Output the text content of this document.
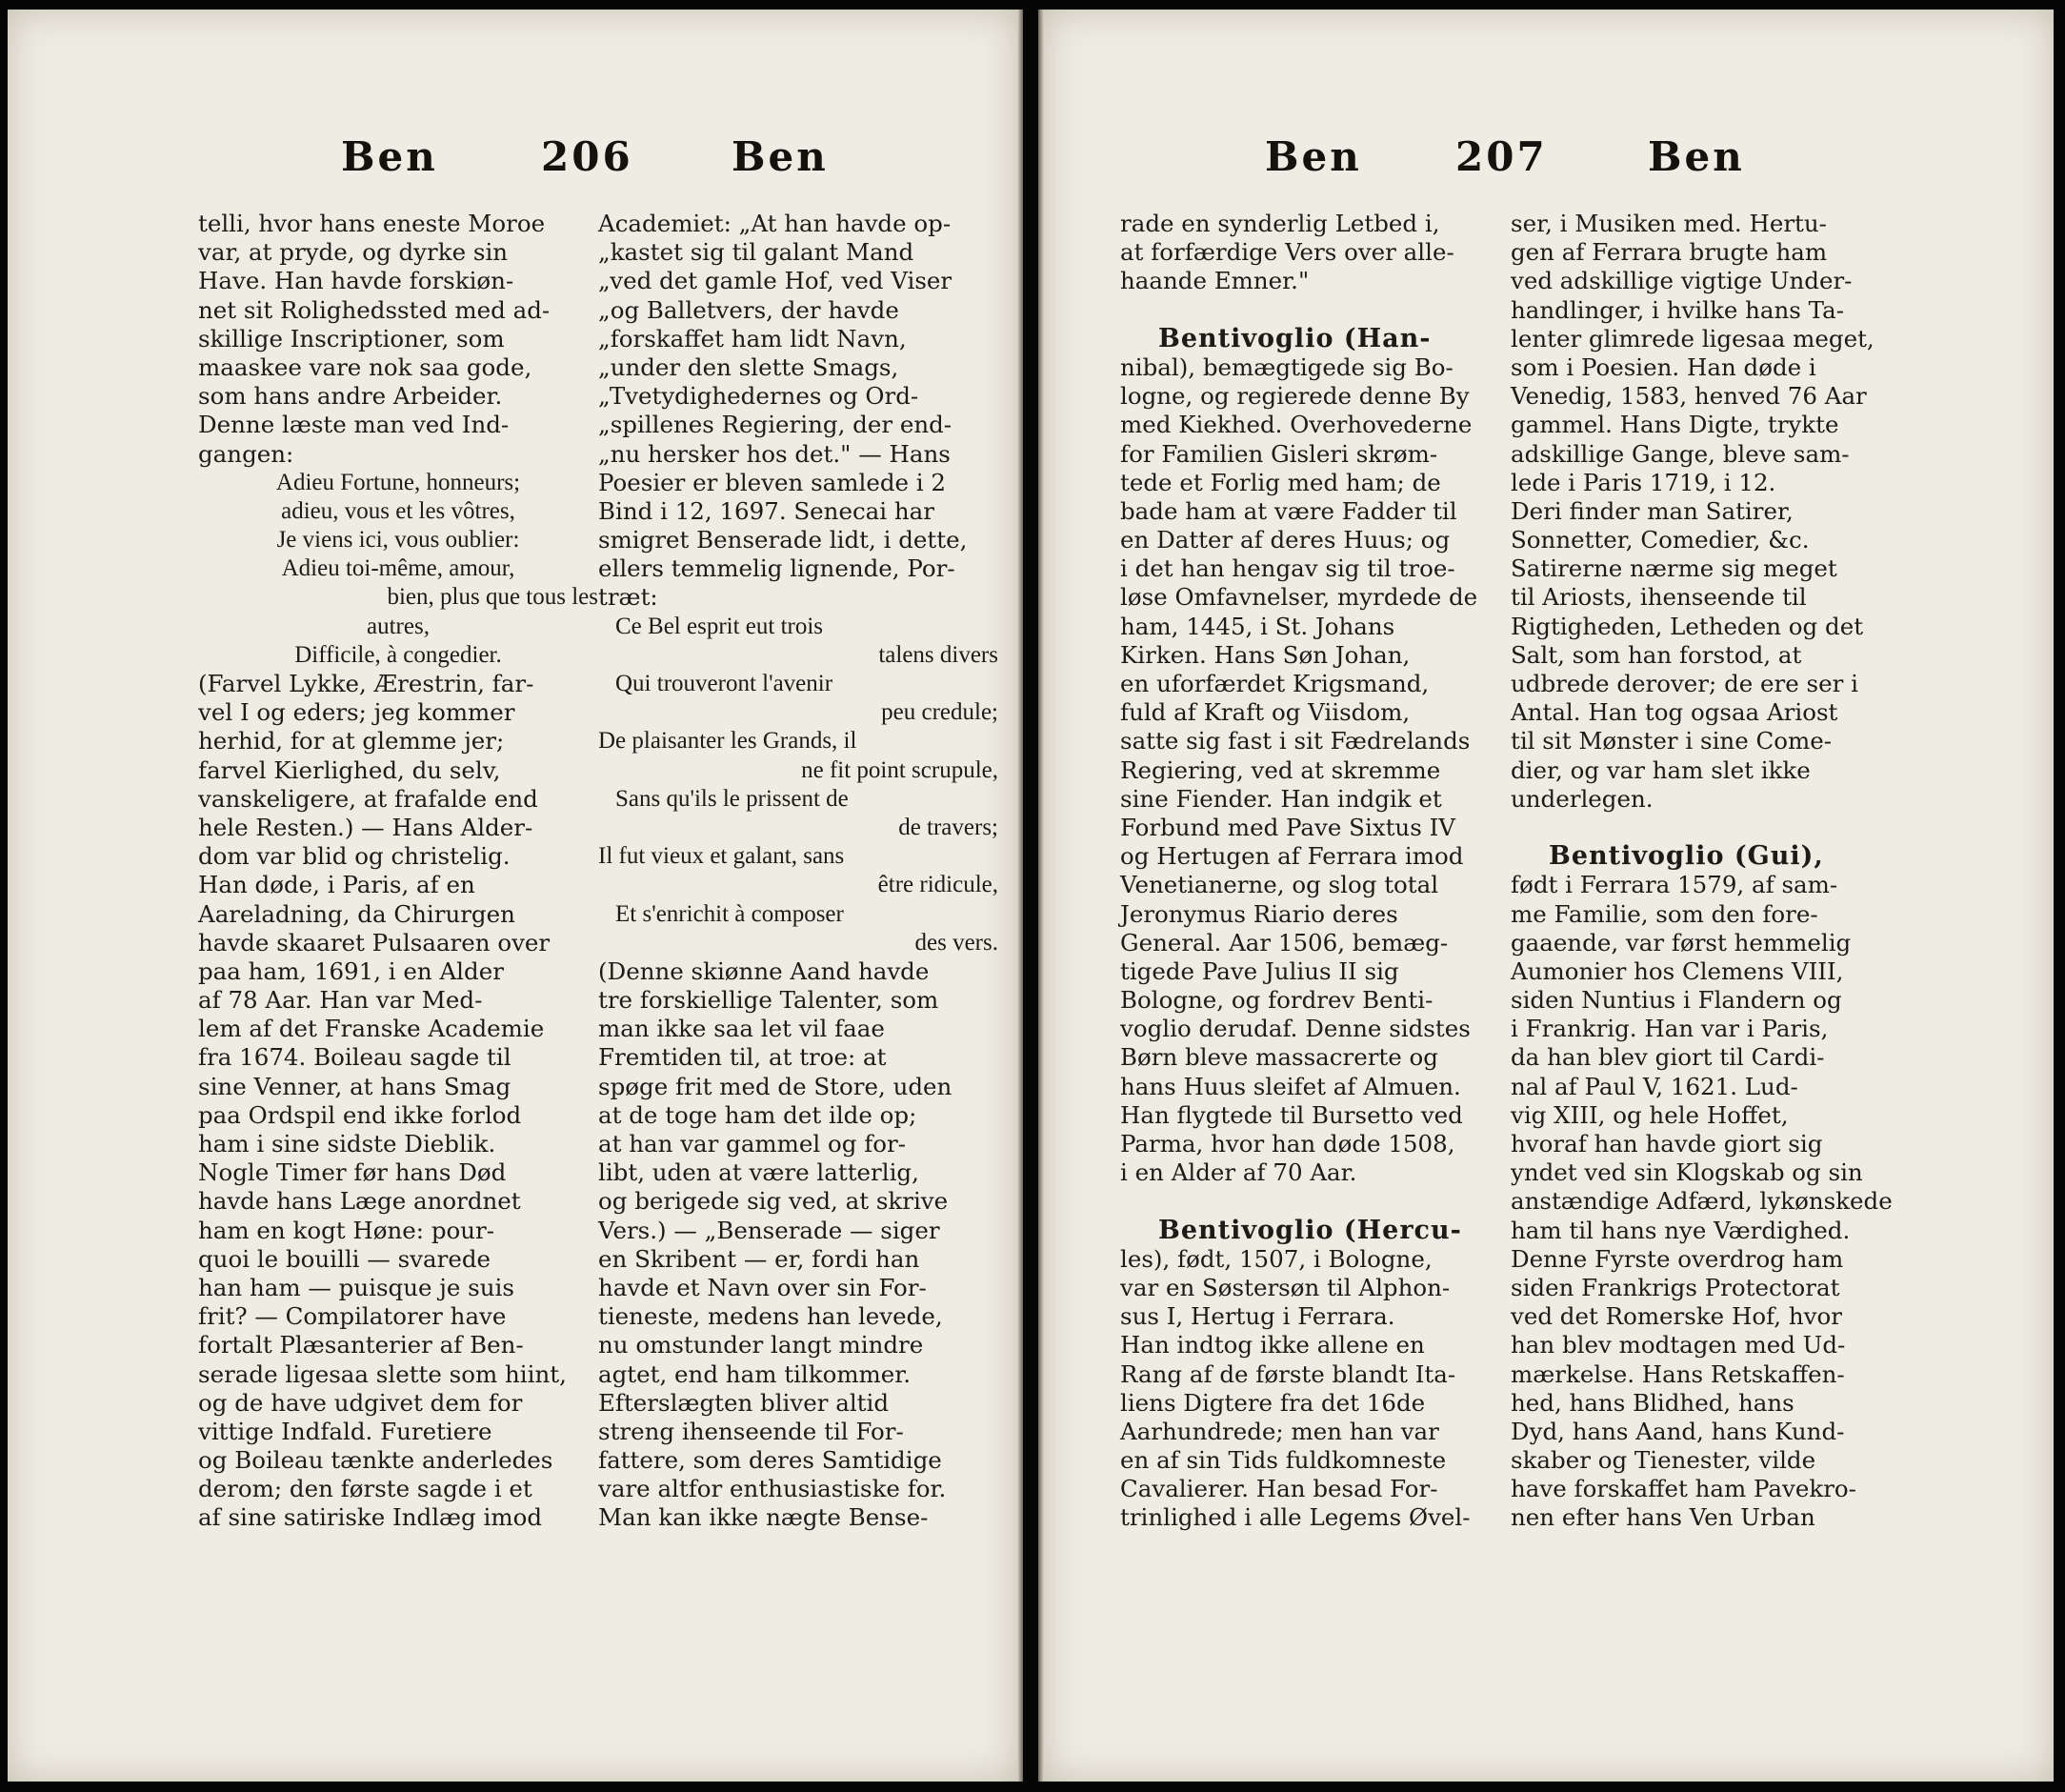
Ben	206 Ben
telli, hvor hans eneste Moroe
var, at pryde, og dyrke sin
Have. Han havde forskiøn-
net sit Rolighedssted med ad-
skillige Inscriptioner, som
maaskee vare nok saa gode,
som hans andre Arbeider.
Denne læste man ved Ind-
gangen:
Adieu Fortune, honneurs;
adieu, vous et les vôtres,
Je viens ici, vous oublier:
Adieu toi-même, amour,
bien, plus que tous les
autres,
Difficile, à congedier.
(Farvel Lykke, Ærestrin, far-
vel I og eders; jeg kommer
herhid, for at glemme jer;
farvel Kierlighed, du selv,
vanskeligere, at frafalde end
hele Resten.) — Hans Alder-
dom var blid og christelig.
Han døde, i Paris, af en
Aareladning, da Chirurgen
havde skaaret Pulsaaren over
paa ham, 1691, i en Alder
af 78 Aar. Han var Med-
lem af det Franske Academie
fra 1674. Boileau sagde til
sine Venner, at hans Smag
paa Ordspil end ikke forlod
ham i sine sidste Dieblik.
Nogle Timer før hans Død
havde hans Læge anordnet
ham en kogt Høne: pour-
quoi le bouilli — svarede
han ham — puisque je suis
frit? — Compilatorer have
fortalt Plæsanterier af Ben-
serade ligesaa slette som hiint,
og de have udgivet dem for
vittige Indfald. Furetiere
og Boileau tænkte anderledes
derom; den første sagde i et
af sine satiriske Indlæg imod
Academiet: „At han havde op-
„kastet sig til galant Mand
„ved det gamle Hof, ved Viser
„og Balletvers, der havde
„forskaffet ham lidt Navn,
„under den slette Smags,
„Tvetydighedernes og Ord-
„spillenes Regiering, der end-
„nu hersker hos det." — Hans
Poesier er bleven samlede i 2
Bind i 12, 1697. Senecai har
smigret Benserade lidt, i dette,
ellers temmelig lignende, Por-
træt:
Ce Bel esprit eut trois
talens divers
Qui trouveront l'avenir
peu credule;
De plaisanter les Grands, il
ne fit point scrupule,
Sans qu'ils le prissent de
de travers;
Il fut vieux et galant, sans
être ridicule,
Et s'enrichit à composer
des vers.
(Denne skiønne Aand havde
tre forskiellige Talenter, som
man ikke saa let vil faae
Fremtiden til, at troe: at
spøge frit med de Store, uden
at de toge ham det ilde op;
at han var gammel og for-
libt, uden at være latterlig,
og berigede sig ved, at skrive
Vers.) — „Benserade — siger
en Skribent — er, fordi han
havde et Navn over sin For-
tieneste, medens han levede,
nu omstunder langt mindre
agtet, end ham tilkommer.
Efterslægten bliver altid
streng ihenseende til For-
fattere, som deres Samtidige
vare altfor enthusiastiske for.
Man kan ikke nægte Bense-
Ben 207	Ben
rade en synderlig Letbed i,
at forfærdige Vers over alle-
haande Emner."
Bentivoglio (Han-
nibal), bemægtigede sig Bo-
logne, og regierede denne By
med Kiekhed. Overhovederne
for Familien Gisleri skrøm-
tede et Forlig med ham; de
bade ham at være Fadder til
en Datter af deres Huus; og
i det han hengav sig til troe-
løse Omfavnelser, myrdede de
ham, 1445, i St. Johans
Kirken. Hans Søn Johan,
en uforfærdet Krigsmand,
fuld af Kraft og Viisdom,
satte sig fast i sit Fædrelands
Regiering, ved at skremme
sine Fiender. Han indgik et
Forbund med Pave Sixtus IV
og Hertugen af Ferrara imod
Venetianerne, og slog total
Jeronymus Riario deres
General. Aar 1506, bemæg-
tigede Pave Julius II sig
Bologne, og fordrev Benti-
voglio derudaf. Denne sidstes
Børn bleve massacrerte og
hans Huus sleifet af Almuen.
Han flygtede til Bursetto ved
Parma, hvor han døde 1508,
i en Alder af 70 Aar.
Bentivoglio (Hercu-
les), født, 1507, i Bologne,
var en Søstersøn til Alphon-
sus I, Hertug i Ferrara.
Han indtog ikke allene en
Rang af de første blandt Ita-
liens Digtere fra det 16de
Aarhundrede; men han var
en af sin Tids fuldkomneste
Cavalierer. Han besad For-
trinlighed i alle Legems Øvel-
ser, i Musiken med. Hertu-
gen af Ferrara brugte ham
ved adskillige vigtige Under-
handlinger, i hvilke hans Ta-
lenter glimrede ligesaa meget,
som i Poesien. Han døde i
Venedig, 1583, henved 76 Aar
gammel. Hans Digte, trykte
adskillige Gange, bleve sam-
lede i Paris 1719, i 12.
Deri finder man Satirer,
Sonnetter, Comedier, &c.
Satirerne nærme sig meget
til Ariosts, ihenseende til
Rigtigheden, Letheden og det
Salt, som han forstod, at
udbrede derover; de ere ser i
Antal. Han tog ogsaa Ariost
til sit Mønster i sine Come-
dier, og var ham slet ikke
underlegen.
Bentivoglio (Gui),
født i Ferrara 1579, af sam-
me Familie, som den fore-
gaaende, var først hemmelig
Aumonier hos Clemens VIII,
siden Nuntius i Flandern og
i Frankrig. Han var i Paris,
da han blev giort til Cardi-
nal af Paul V, 1621. Lud-
vig XIII, og hele Hoffet,
hvoraf han havde giort sig
yndet ved sin Klogskab og sin
anstændige Adfærd, lykønskede
ham til hans nye Værdighed.
Denne Fyrste overdrog ham
siden Frankrigs Protectorat
ved det Romerske Hof, hvor
han blev modtagen med Ud-
mærkelse. Hans Retskaffen-
hed, hans Blidhed, hans
Dyd, hans Aand, hans Kund-
skaber og Tienester, vilde
have forskaffet ham Pavekro-
nen efter hans Ven Urban
